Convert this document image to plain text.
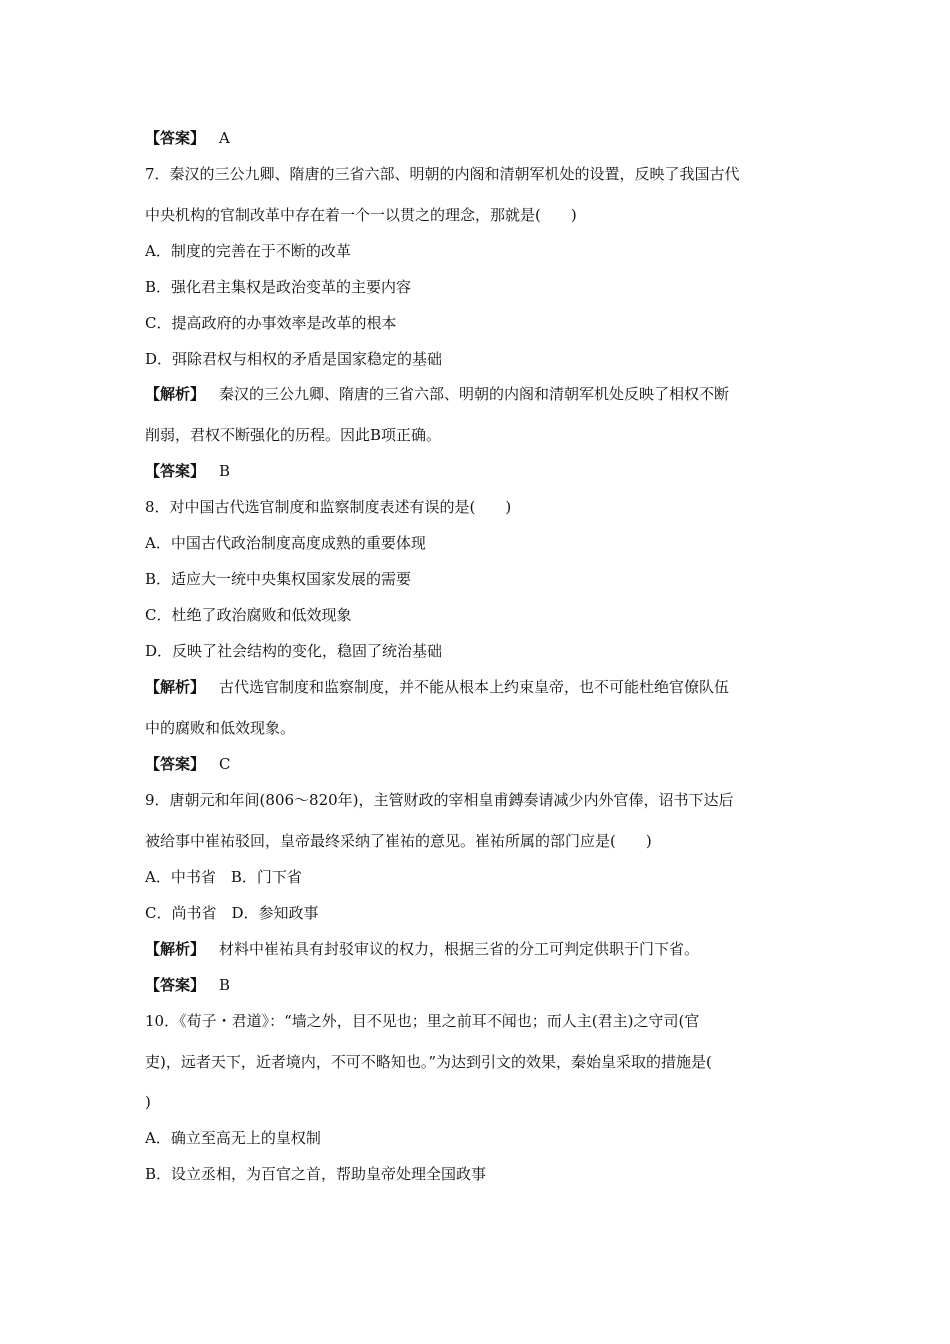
【答案】 A
7．秦汉的三公九卿、隋唐的三省六部、明朝的内阁和清朝军机处的设置，反映了我国古代
中央机构的官制改革中存在着一个一以贯之的理念，那就是(　　)
A．制度的完善在于不断的改革
B．强化君主集权是政治变革的主要内容
C．提高政府的办事效率是改革的根本
D．弭除君权与相权的矛盾是国家稳定的基础
【解析】 秦汉的三公九卿、隋唐的三省六部、明朝的内阁和清朝军机处反映了相权不断
削弱，君权不断强化的历程。因此B项正确。
【答案】 B
8．对中国古代选官制度和监察制度表述有误的是(　　)
A．中国古代政治制度高度成熟的重要体现
B．适应大一统中央集权国家发展的需要
C．杜绝了政治腐败和低效现象
D．反映了社会结构的变化，稳固了统治基础
【解析】 古代选官制度和监察制度，并不能从根本上约束皇帝，也不可能杜绝官僚队伍
中的腐败和低效现象。
【答案】 C
9．唐朝元和年间(806～820年)，主管财政的宰相皇甫鎛奏请减少内外官俸，诏书下达后
被给事中崔祐驳回，皇帝最终采纳了崔祐的意见。崔祐所属的部门应是(　　)
A．中书省　B．门下省
C．尚书省　D．参知政事
【解析】 材料中崔祐具有封驳审议的权力，根据三省的分工可判定供职于门下省。
【答案】 B
10．《荀子・君道》：“墙之外，目不见也；里之前耳不闻也；而人主(君主)之守司(官
吏)，远者天下，近者境内，不可不略知也。”为达到引文的效果，秦始皇采取的措施是(
)
A．确立至高无上的皇权制
B．设立丞相，为百官之首，帮助皇帝处理全国政事
